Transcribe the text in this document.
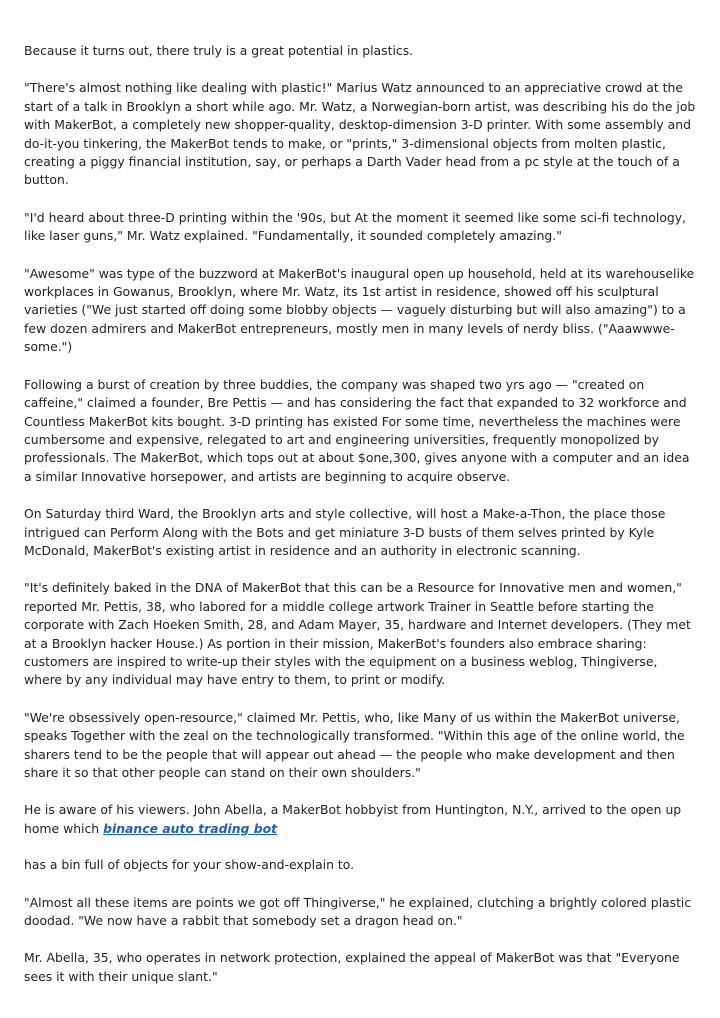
Because it turns out, there truly is a great potential in plastics.

"There's almost nothing like dealing with plastic!" Marius Watz announced to an appreciative crowd at the start of a talk in Brooklyn a short while ago. Mr. Watz, a Norwegian-born artist, was describing his do the job with MakerBot, a completely new shopper-quality, desktop-dimension 3-D printer. With some assembly and do-it-you tinkering, the MakerBot tends to make, or "prints," 3-dimensional objects from molten plastic, creating a piggy financial institution, say, or perhaps a Darth Vader head from a pc style at the touch of a button.

"I'd heard about three-D printing within the '90s, but At the moment it seemed like some sci-fi technology, like laser guns," Mr. Watz explained. "Fundamentally, it sounded completely amazing."

"Awesome" was type of the buzzword at MakerBot's inaugural open up household, held at its warehouselike workplaces in Gowanus, Brooklyn, where Mr. Watz, its 1st artist in residence, showed off his sculptural varieties ("We just started off doing some blobby objects — vaguely disturbing but will also amazing") to a few dozen admirers and MakerBot entrepreneurs, mostly men in many levels of nerdy bliss. ("Aaawwwe-some.")

Following a burst of creation by three buddies, the company was shaped two yrs ago — "created on caffeine," claimed a founder, Bre Pettis — and has considering the fact that expanded to 32 workforce and Countless MakerBot kits bought. 3-D printing has existed For some time, nevertheless the machines were cumbersome and expensive, relegated to art and engineering universities, frequently monopolized by professionals. The MakerBot, which tops out at about $one,300, gives anyone with a computer and an idea a similar Innovative horsepower, and artists are beginning to acquire observe.

On Saturday third Ward, the Brooklyn arts and style collective, will host a Make-a-Thon, the place those intrigued can Perform Along with the Bots and get miniature 3-D busts of them selves printed by Kyle McDonald, MakerBot's existing artist in residence and an authority in electronic scanning.

"It's definitely baked in the DNA of MakerBot that this can be a Resource for Innovative men and women," reported Mr. Pettis, 38, who labored for a middle college artwork Trainer in Seattle before starting the corporate with Zach Hoeken Smith, 28, and Adam Mayer, 35, hardware and Internet developers. (They met at a Brooklyn hacker House.) As portion in their mission, MakerBot's founders also embrace sharing: customers are inspired to write-up their styles with the equipment on a business weblog, Thingiverse, where by any individual may have entry to them, to print or modify.

"We're obsessively open-resource," claimed Mr. Pettis, who, like Many of us within the MakerBot universe, speaks Together with the zeal on the technologically transformed. "Within this age of the online world, the sharers tend to be the people that will appear out ahead — the people who make development and then share it so that other people can stand on their own shoulders."

He is aware of his viewers. John Abella, a MakerBot hobbyist from Huntington, N.Y., arrived to the open up home which binance auto trading bot

has a bin full of objects for your show-and-explain to.

"Almost all these items are points we got off Thingiverse," he explained, clutching a brightly colored plastic doodad. "We now have a rabbit that somebody set a dragon head on."

Mr. Abella, 35, who operates in network protection, explained the appeal of MakerBot was that "Everyone sees it with their unique slant."
